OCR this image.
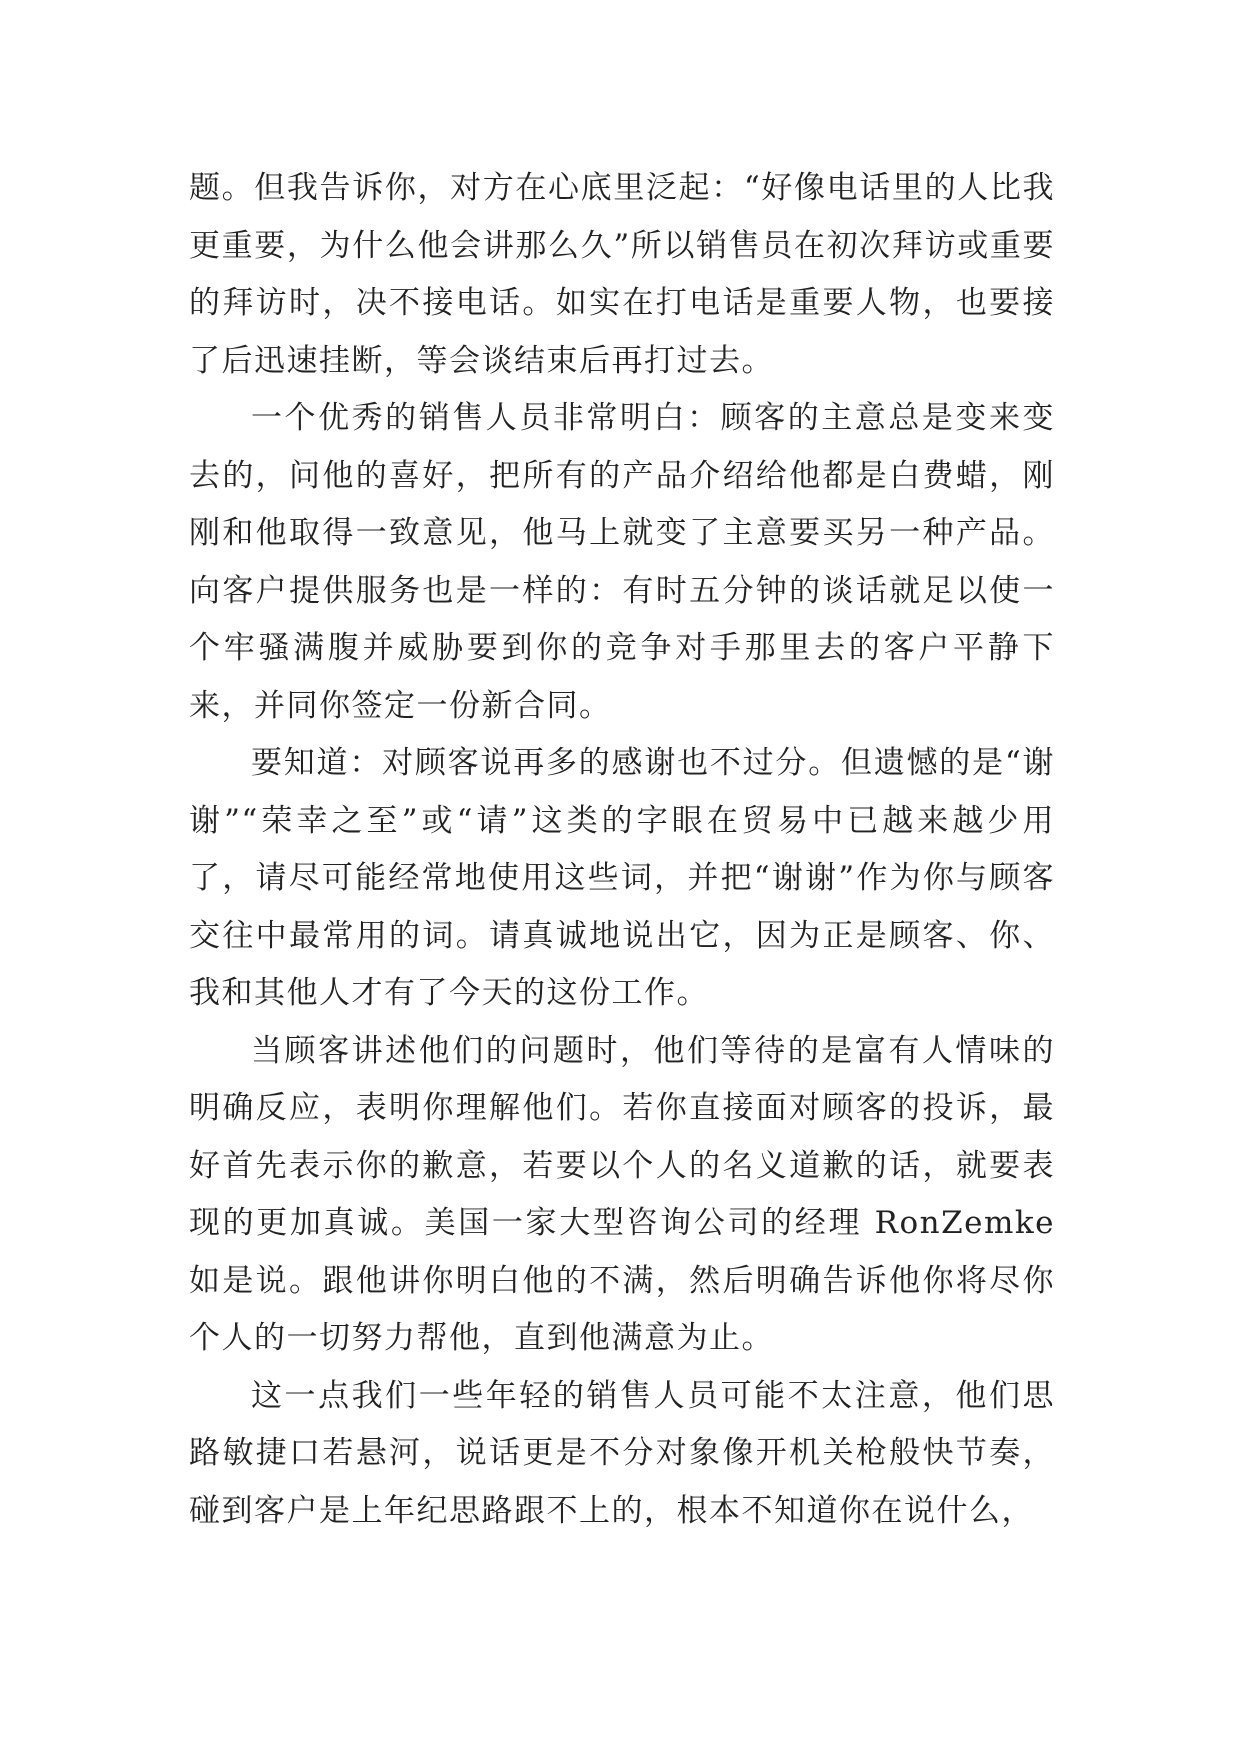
题。但我告诉你，对方在心底里泛起：“好像电话里的人比我更重要，为什么他会讲那么久”所以销售员在初次拜访或重要的拜访时，决不接电话。如实在打电话是重要人物，也要接了后迅速挂断，等会谈结束后再打过去。

一个优秀的销售人员非常明白：顾客的主意总是变来变去的，问他的喜好，把所有的产品介绍给他都是白费蜡，刚刚和他取得一致意见，他马上就变了主意要买另一种产品。向客户提供服务也是一样的：有时五分钟的谈话就足以使一个牢骚满腹并威胁要到你的竞争对手那里去的客户平静下来，并同你签定一份新合同。

要知道：对顾客说再多的感谢也不过分。但遗憾的是“谢谢”“荣幸之至”或“请”这类的字眼在贸易中已越来越少用了，请尽可能经常地使用这些词，并把“谢谢”作为你与顾客交往中最常用的词。请真诚地说出它，因为正是顾客、你、我和其他人才有了今天的这份工作。

当顾客讲述他们的问题时，他们等待的是富有人情味的明确反应，表明你理解他们。若你直接面对顾客的投诉，最好首先表示你的歉意，若要以个人的名义道歉的话，就要表现的更加真诚。美国一家大型咨询公司的经理 RonZemke 如是说。跟他讲你明白他的不满，然后明确告诉他你将尽你个人的一切努力帮他，直到他满意为止。

这一点我们一些年轻的销售人员可能不太注意，他们思路敏捷口若悬河，说话更是不分对象像开机关枪般快节奏，碰到客户是上年纪思路跟不上的，根本不知道你在说什么，
